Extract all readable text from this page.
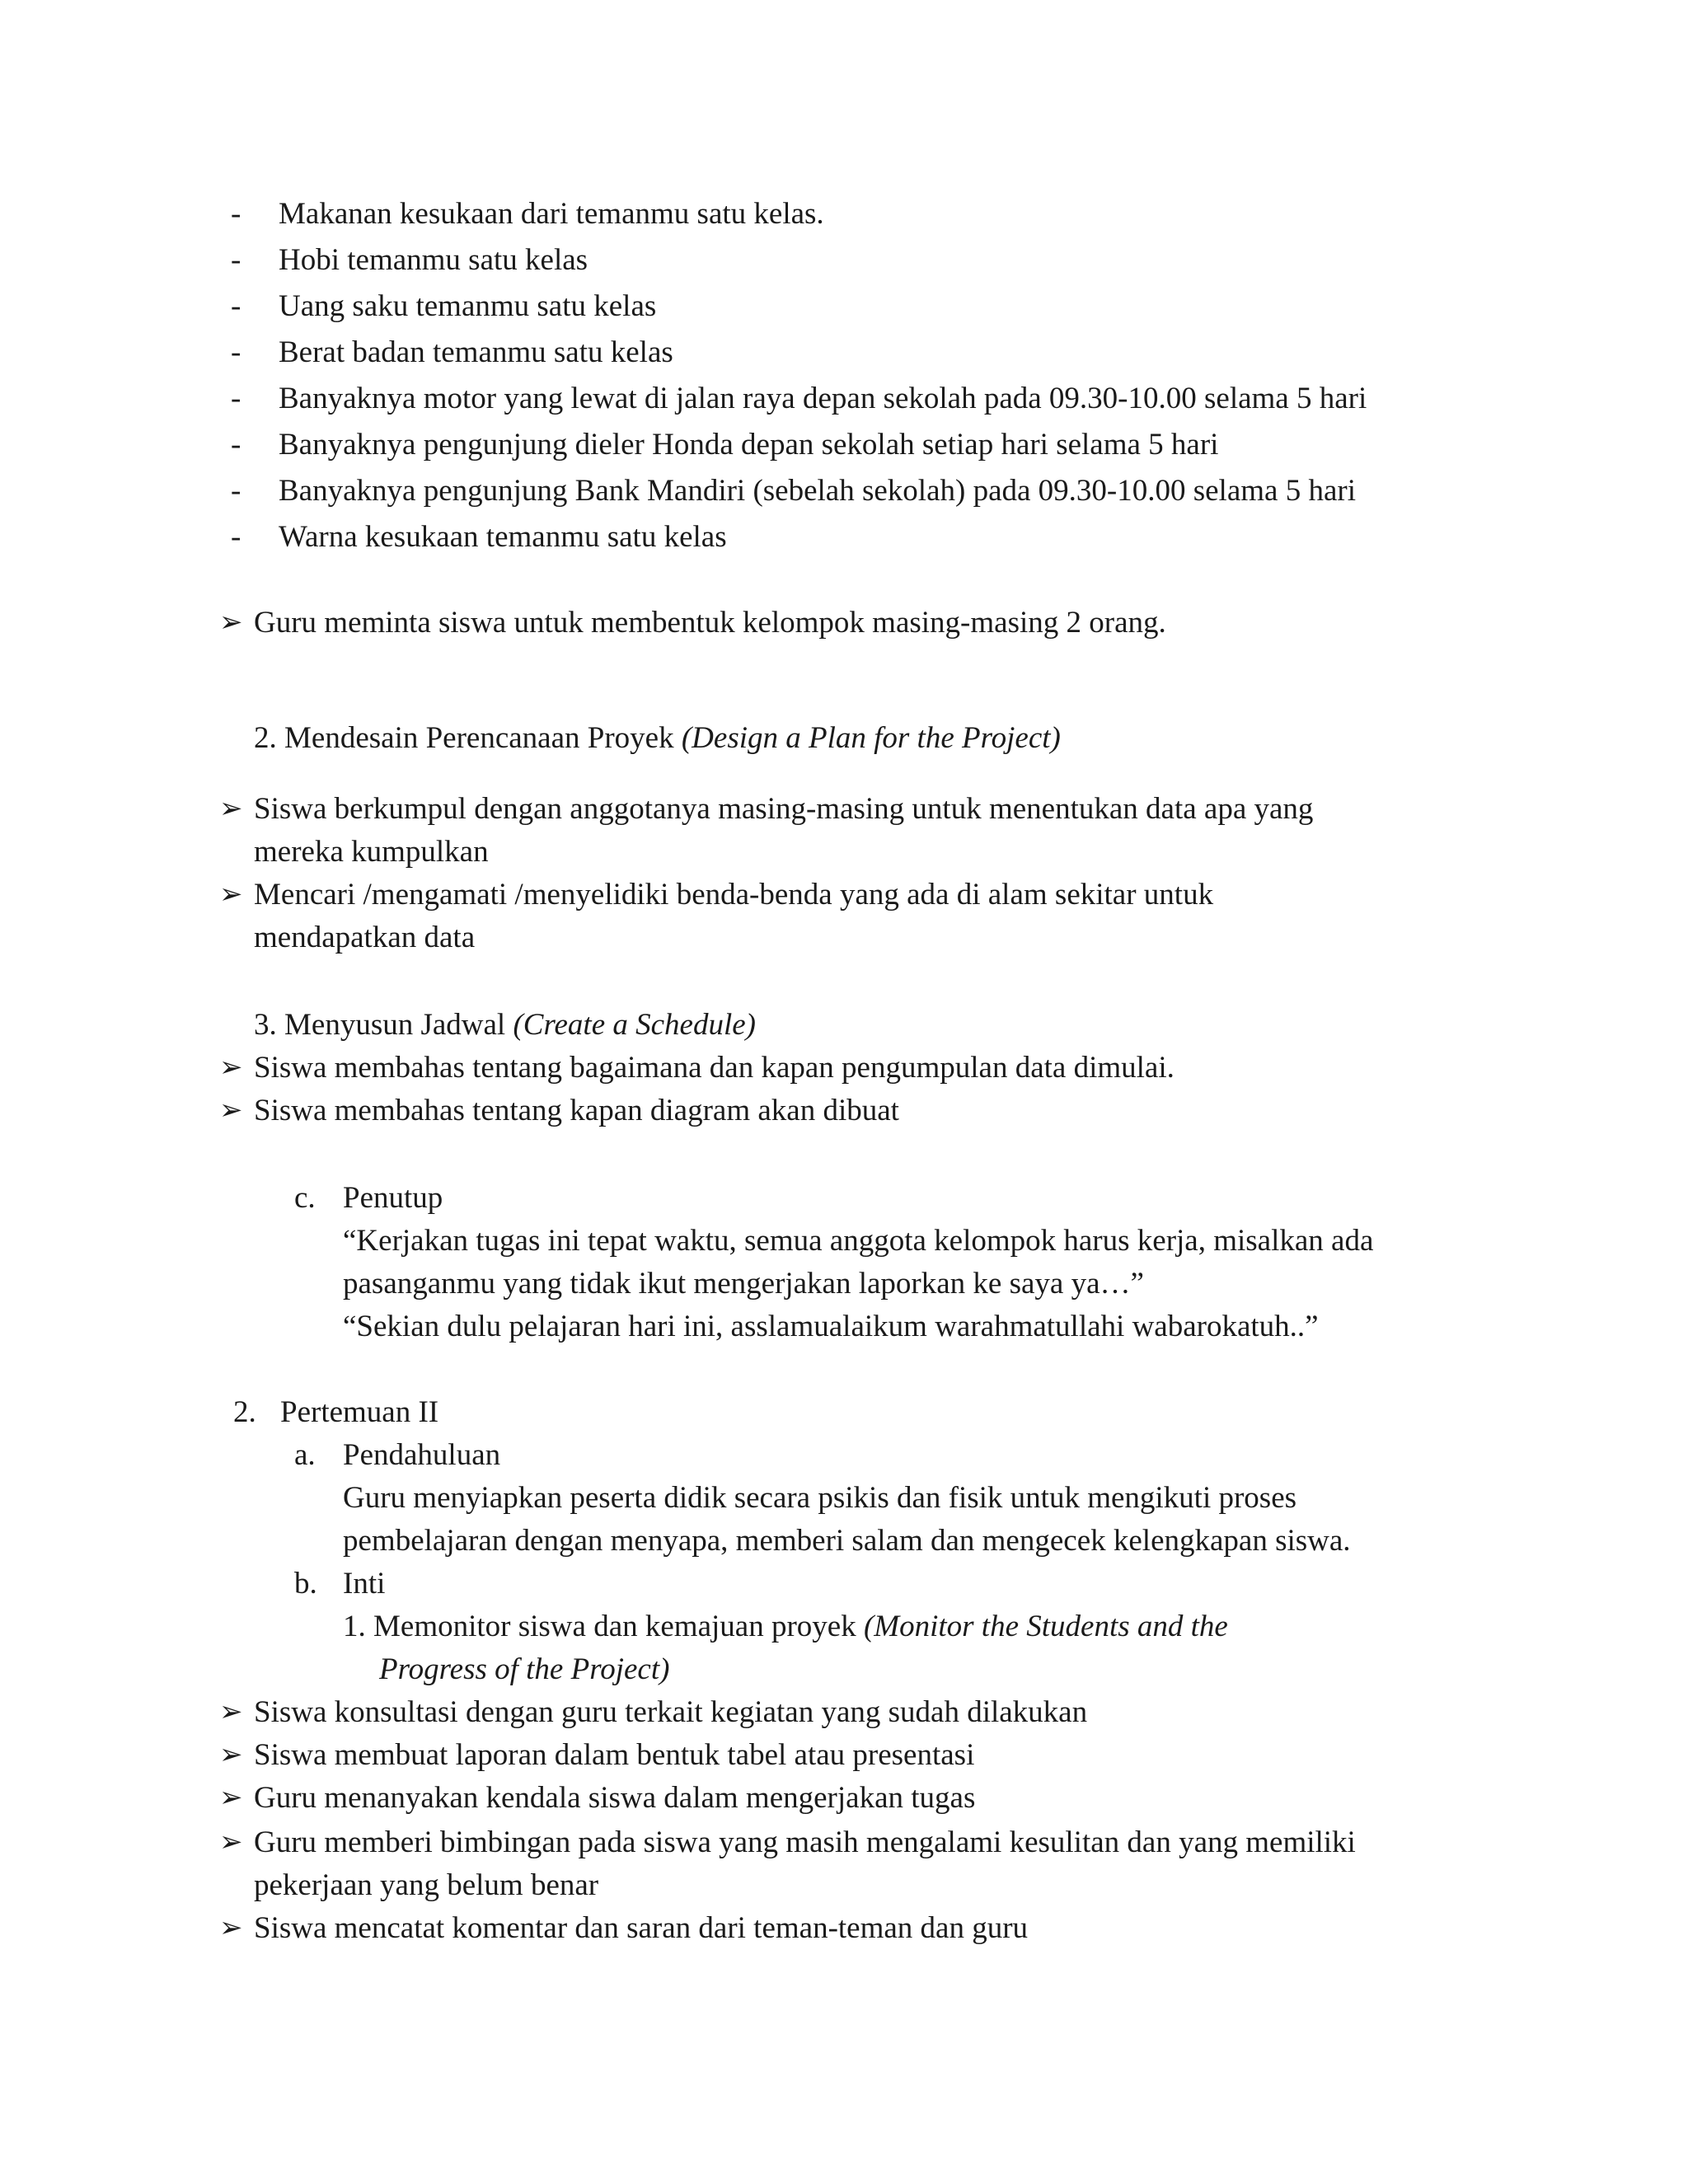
- Makanan kesukaan dari temanmu satu kelas.
- Hobi temanmu satu kelas
- Uang saku temanmu satu kelas
- Berat badan temanmu satu kelas
- Banyaknya motor yang lewat di jalan raya depan sekolah pada 09.30-10.00 selama 5 hari
- Banyaknya pengunjung dieler Honda depan sekolah setiap hari selama 5 hari
- Banyaknya pengunjung Bank Mandiri (sebelah sekolah) pada 09.30-10.00 selama 5 hari
- Warna kesukaan temanmu satu kelas
➢ Guru meminta siswa untuk membentuk kelompok masing-masing 2 orang.
2. Mendesain Perencanaan Proyek (Design a Plan for the Project)
➢ Siswa berkumpul dengan anggotanya masing-masing untuk menentukan data apa yang
mereka kumpulkan
➢ Mencari /mengamati /menyelidiki benda-benda yang ada di alam sekitar untuk
mendapatkan data
3. Menyusun Jadwal (Create a Schedule)
➢ Siswa membahas tentang bagaimana dan kapan pengumpulan data dimulai.
➢ Siswa membahas tentang kapan diagram akan dibuat
c. Penutup
“Kerjakan tugas ini tepat waktu, semua anggota kelompok harus kerja, misalkan ada
pasanganmu yang tidak ikut mengerjakan laporkan ke saya ya…”
“Sekian dulu pelajaran hari ini, asslamualaikum warahmatullahi wabarokatuh..”
2. Pertemuan II
a. Pendahuluan
Guru menyiapkan peserta didik secara psikis dan fisik untuk mengikuti proses
pembelajaran dengan menyapa, memberi salam dan mengecek kelengkapan siswa.
b. Inti
1. Memonitor siswa dan kemajuan proyek (Monitor the Students and the
Progress of the Project)
➢ Siswa konsultasi dengan guru terkait kegiatan yang sudah dilakukan
➢ Siswa membuat laporan dalam bentuk tabel atau presentasi
➢ Guru menanyakan kendala siswa dalam mengerjakan tugas
➢ Guru memberi bimbingan pada siswa yang masih mengalami kesulitan dan yang memiliki
pekerjaan yang belum benar
➢ Siswa mencatat komentar dan saran dari teman-teman dan guru
